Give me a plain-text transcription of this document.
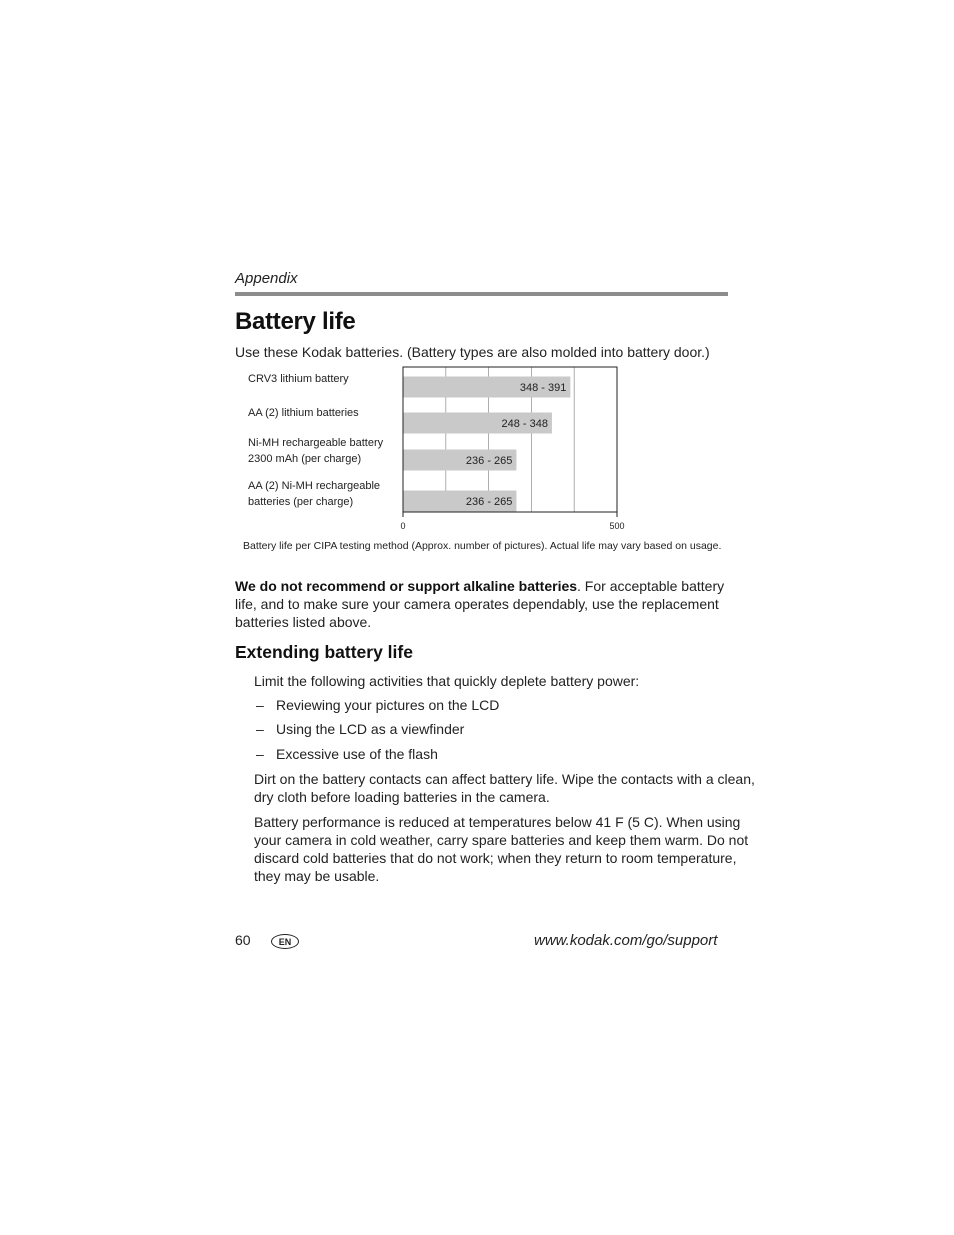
Appendix
Battery life
Use these Kodak batteries. (Battery types are also molded into battery door.)
CRV3 lithium battery
AA (2) lithium batteries
Ni-MH rechargeable battery
2300 mAh (per charge)
AA (2) Ni-MH rechargeable
batteries (per charge)
348 - 391
248 - 348
236 - 265
236 - 265
0	500
Battery life per CIPA testing method (Approx. number of pictures). Actual life may vary based on usage.
We do not recommend or support alkaline batteries. For acceptable battery
life, and to make sure your camera operates dependably, use the replacement
batteries listed above.
Extending battery life
Limit the following activities that quickly deplete battery power:
– Reviewing your pictures on the LCD
– Using the LCD as a viewfinder
– Excessive use of the flash
Dirt on the battery contacts can affect battery life. Wipe the contacts with a clean,
dry cloth before loading batteries in the camera.
Battery performance is reduced at temperatures below 41 F (5 C). When using
your camera in cold weather, carry spare batteries and keep them warm. Do not
discard cold batteries that do not work; when they return to room temperature,
they may be usable.
60	EN	www.kodak.com/go/support
